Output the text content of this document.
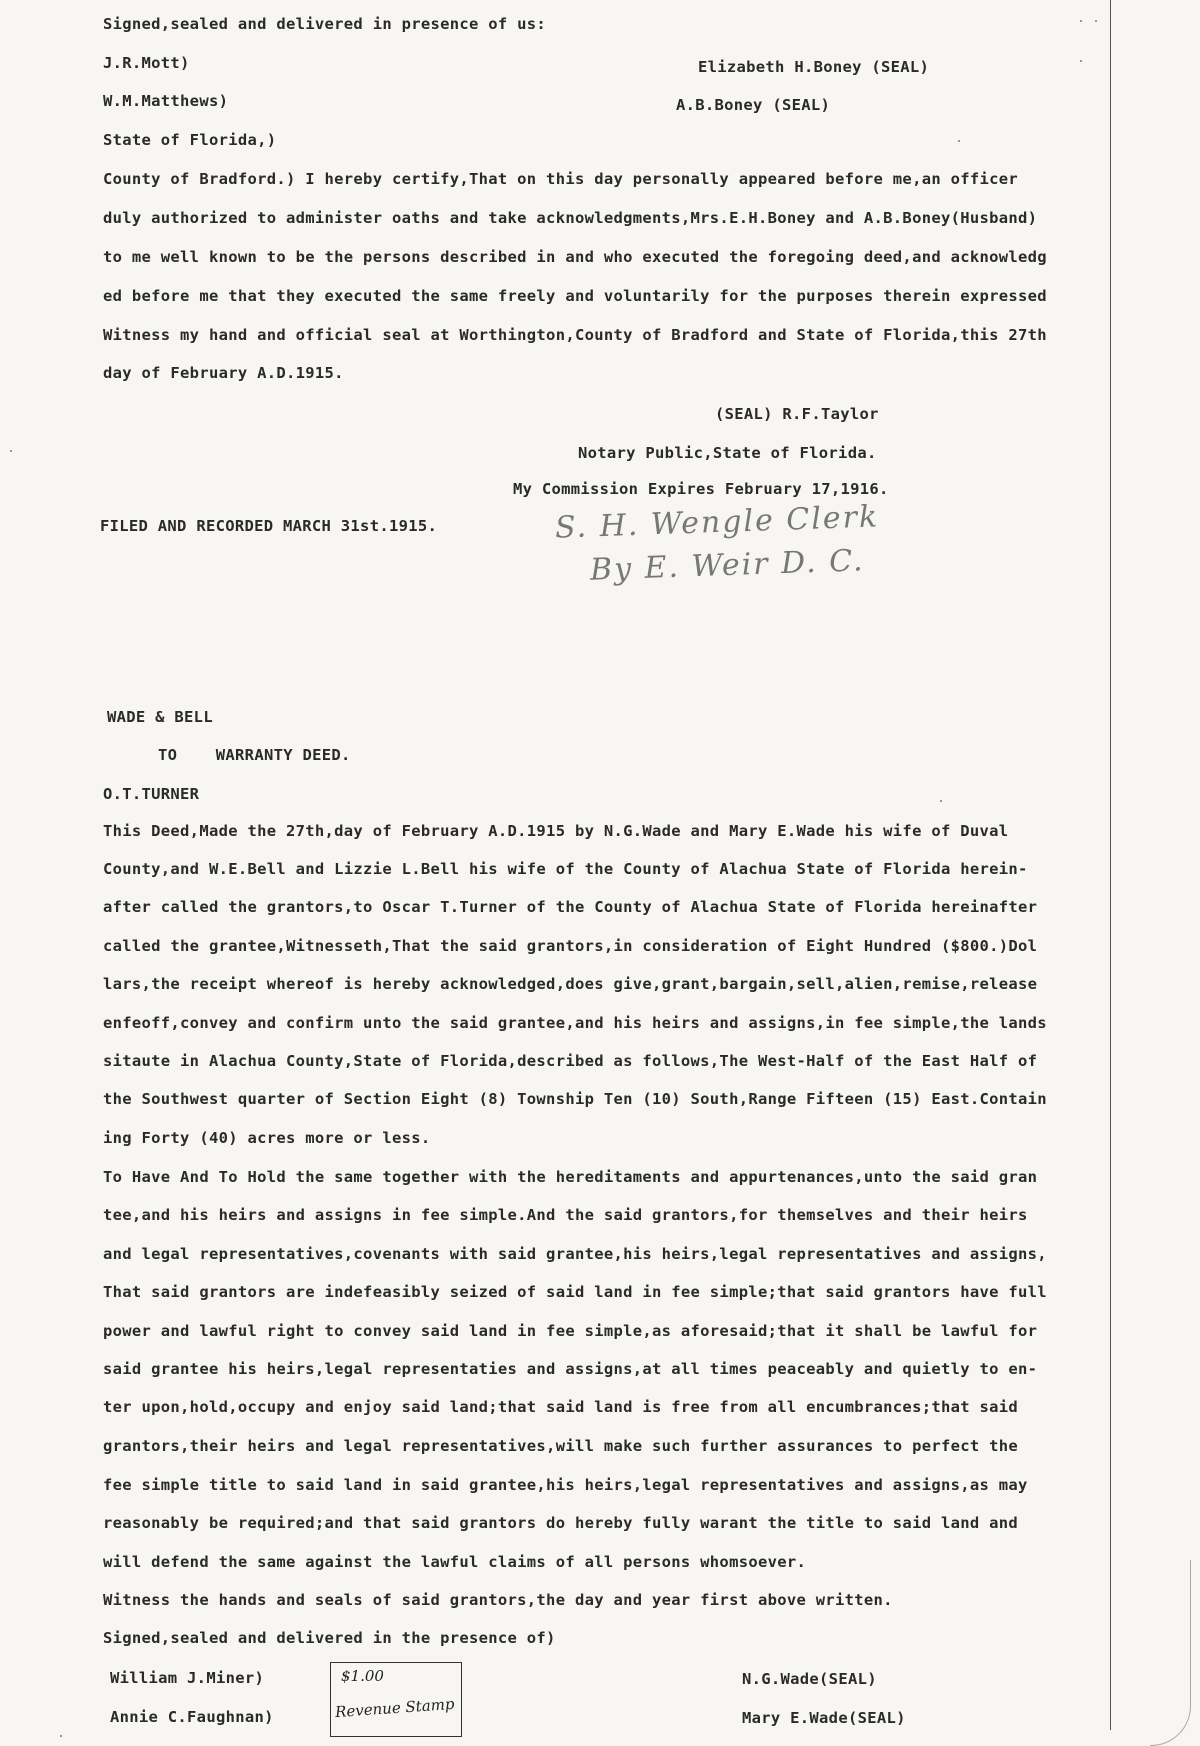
Signed,sealed and delivered in presence of us:
J.R.Mott)	Elizabeth H.Boney (SEAL)
W.M.Matthews)	A.B.Boney (SEAL)
State of Florida,)
County of Bradford.) I hereby certify,That on this day personally appeared before me,an officer
duly authorized to administer oaths and take acknowledgments,Mrs.E.H.Boney and A.B.Boney(Husband)
to me well known to be the persons described in and who executed the foregoing deed,and acknowledg
ed before me that they executed the same freely and voluntarily for the purposes therein expressed
Witness my hand and official seal at Worthington,County of Bradford and State of Florida,this 27th
day of February A.D.1915.
(SEAL) R.F.Taylor
Notary Public,State of Florida.
My Commission Expires February 17,1916.
FILED AND RECORDED MARCH 31st.1915.	S. H. Wengle Clerk
By E. Weir D. C.
WADE & BELL
TO    WARRANTY DEED.
O.T.TURNER
This Deed,Made the 27th,day of February A.D.1915 by N.G.Wade and Mary E.Wade his wife of Duval
County,and W.E.Bell and Lizzie L.Bell his wife of the County of Alachua State of Florida herein-
after called the grantors,to Oscar T.Turner of the County of Alachua State of Florida hereinafter
called the grantee,Witnesseth,That the said grantors,in consideration of Eight Hundred ($800.)Dol
lars,the receipt whereof is hereby acknowledged,does give,grant,bargain,sell,alien,remise,release
enfeoff,convey and confirm unto the said grantee,and his heirs and assigns,in fee simple,the lands
sitaute in Alachua County,State of Florida,described as follows,The West-Half of the East Half of
the Southwest quarter of Section Eight (8) Township Ten (10) South,Range Fifteen (15) East.Contain
ing Forty (40) acres more or less.
To Have And To Hold the same together with the hereditaments and appurtenances,unto the said gran
tee,and his heirs and assigns in fee simple.And the said grantors,for themselves and their heirs
and legal representatives,covenants with said grantee,his heirs,legal representatives and assigns,
That said grantors are indefeasibly seized of said land in fee simple;that said grantors have full
power and lawful right to convey said land in fee simple,as aforesaid;that it shall be lawful for
said grantee his heirs,legal representaties and assigns,at all times peaceably and quietly to en-
ter upon,hold,occupy and enjoy said land;that said land is free from all encumbrances;that said
grantors,their heirs and legal representatives,will make such further assurances to perfect the
fee simple title to said land in said grantee,his heirs,legal representatives and assigns,as may
reasonably be required;and that said grantors do hereby fully warant the title to said land and
will defend the same against the lawful claims of all persons whomsoever.
Witness the hands and seals of said grantors,the day and year first above written.
Signed,sealed and delivered in the presence of)
William J.Miner)
Annie C.Faughnan)
N.G.Wade(SEAL)
Mary E.Wade(SEAL)
$1.00
Revenue Stamp
